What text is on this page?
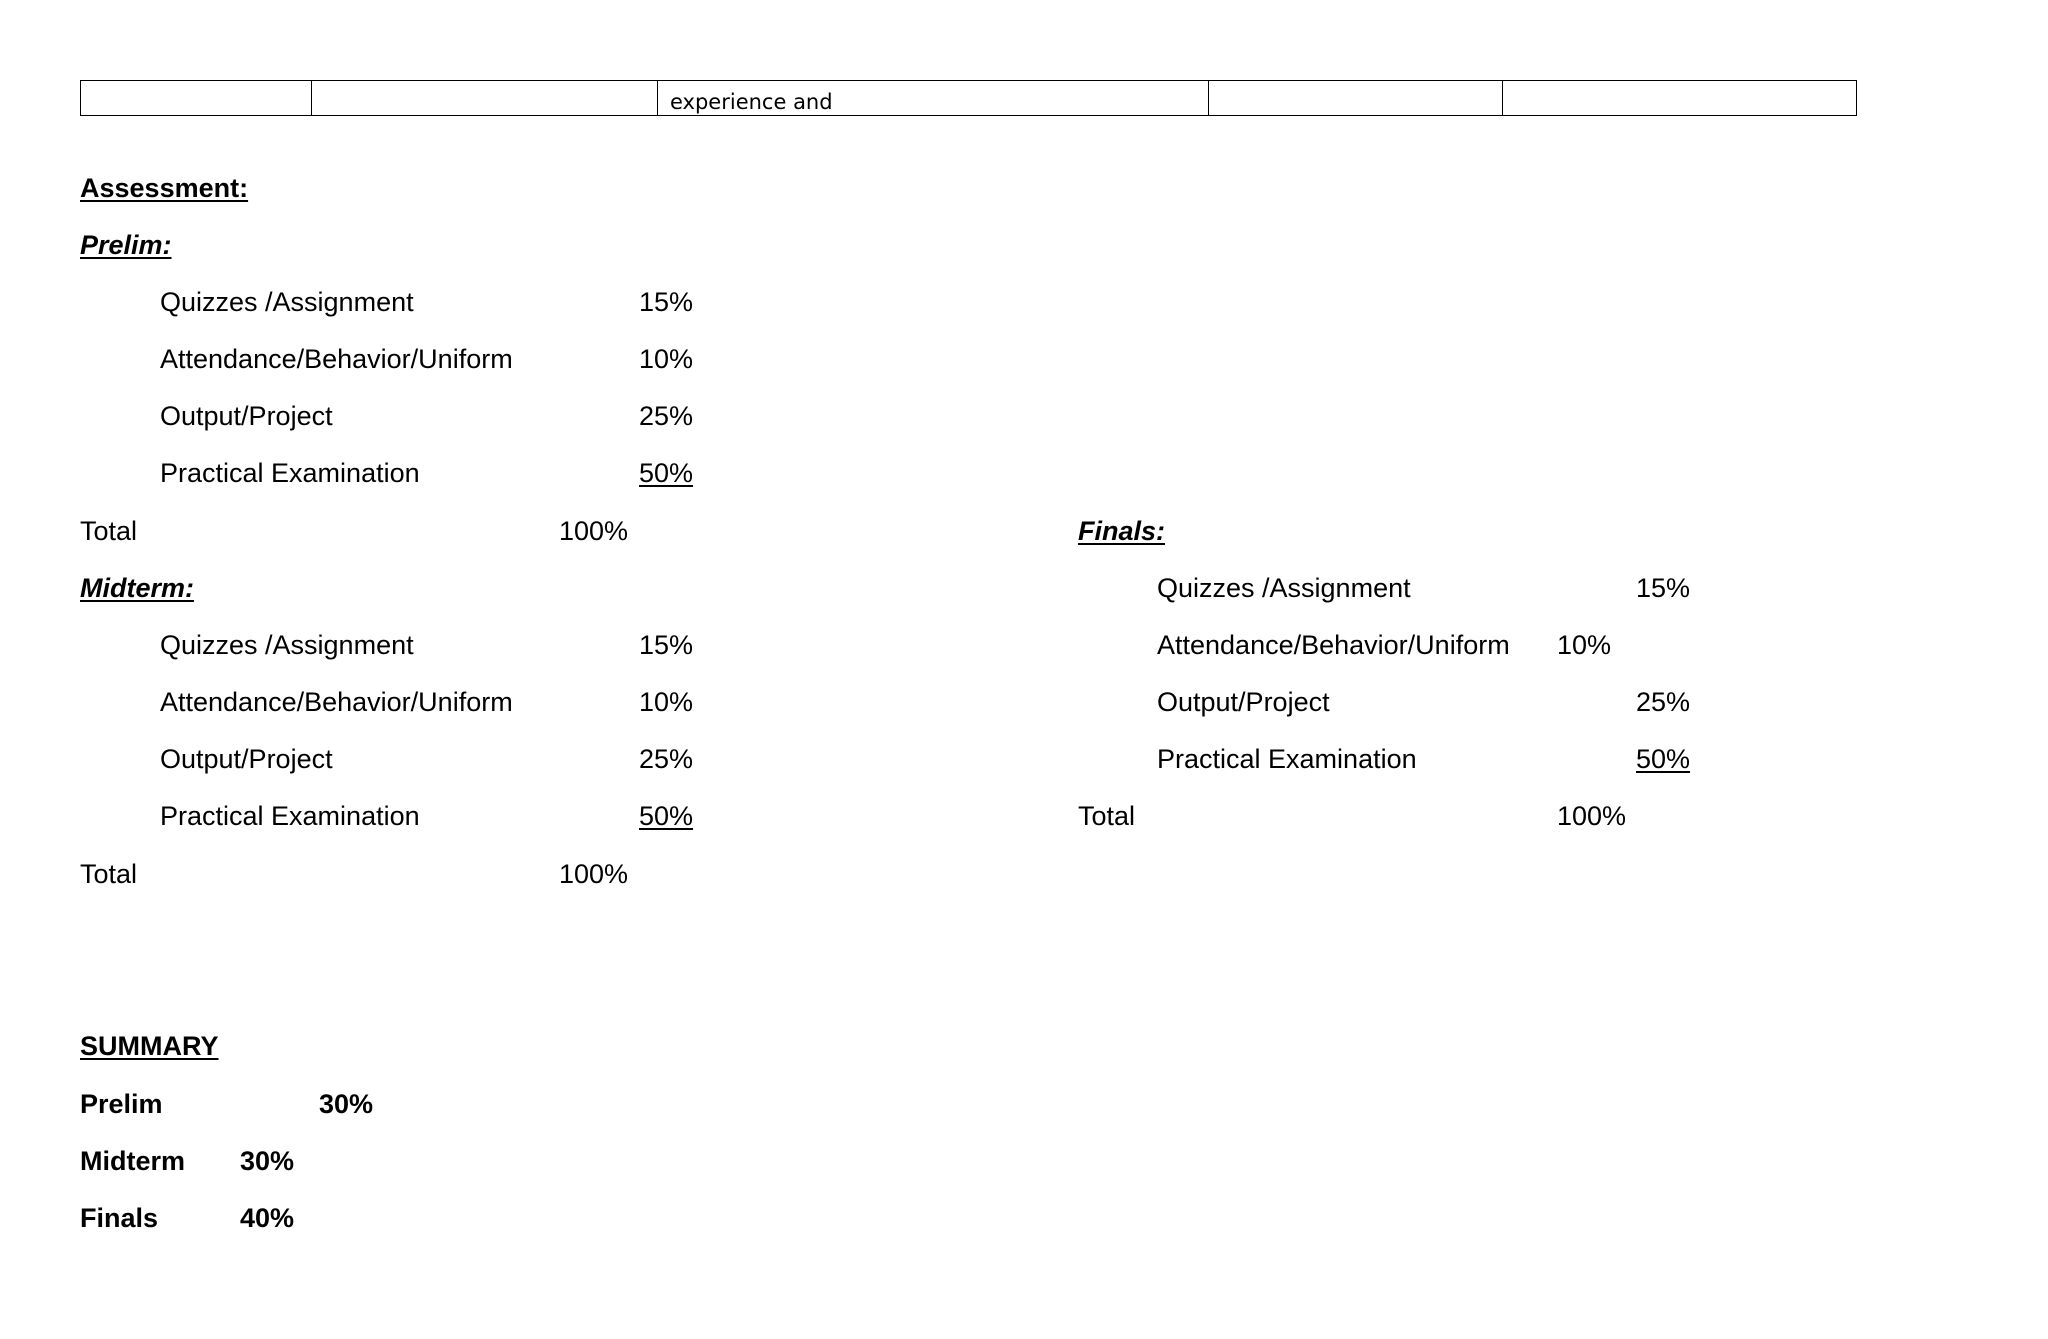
		experience and		
Assessment:
Prelim:
Quizzes /Assignment	15%
Attendance/Behavior/Uniform	10%
Output/Project	25%
Practical Examination	50%
Total	100%
Midterm:
Quizzes /Assignment	15%
Attendance/Behavior/Uniform	10%
Output/Project	25%
Practical Examination	50%
Total	100%
Finals:
Quizzes /Assignment	15%
Attendance/Behavior/Uniform 10%
Output/Project	25%
Practical Examination	50%
Total	100%
SUMMARY
Prelim	30%
Midterm 30%
Finals	40%
